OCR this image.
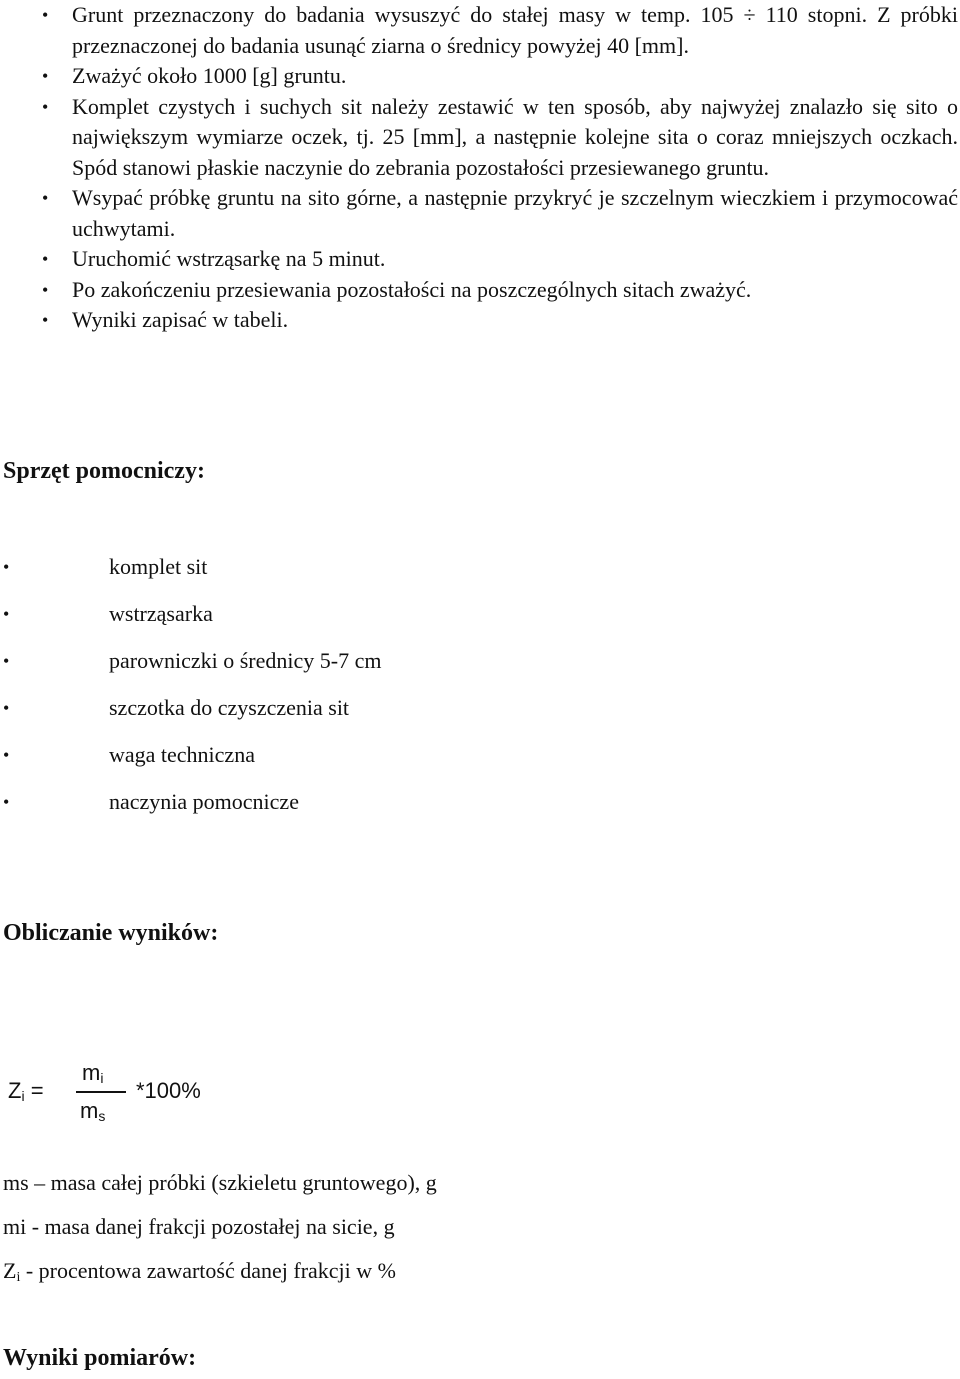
• Grunt przeznaczony do badania wysuszyć do stałej masy w temp. 105 ÷ 110 stopni. Z próbki przeznaczonej do badania usunąć ziarna o średnicy powyżej 40 [mm].
• Zważyć około 1000 [g] gruntu.
• Komplet czystych i suchych sit należy zestawić w ten sposób, aby najwyżej znalazło się sito o największym wymiarze oczek, tj. 25 [mm], a następnie kolejne sita o coraz mniejszych oczkach. Spód stanowi płaskie naczynie do zebrania pozostałości przesiewanego gruntu.
• Wsypać próbkę gruntu na sito górne, a następnie przykryć je szczelnym wieczkiem i przymocować uchwytami.
• Uruchomić wstrząsarkę na 5 minut.
• Po zakończeniu przesiewania pozostałości na poszczególnych sitach zważyć.
• Wyniki zapisać w tabeli.
Sprzęt pomocniczy:
•	komplet sit
•	wstrząsarka
•	parowniczki o średnicy 5-7 cm
•	szczotka do czyszczenia sit
•	waga techniczna
•	naczynia pomocnicze
Obliczanie wyników:
$Z_i$ =
$m_i$
$m_s$
*100%
ms – masa całej próbki (szkieletu gruntowego), g
mi - masa danej frakcji pozostałej na sicie, g
$Z_i$ - procentowa zawartość danej frakcji w %
Wyniki pomiarów:
